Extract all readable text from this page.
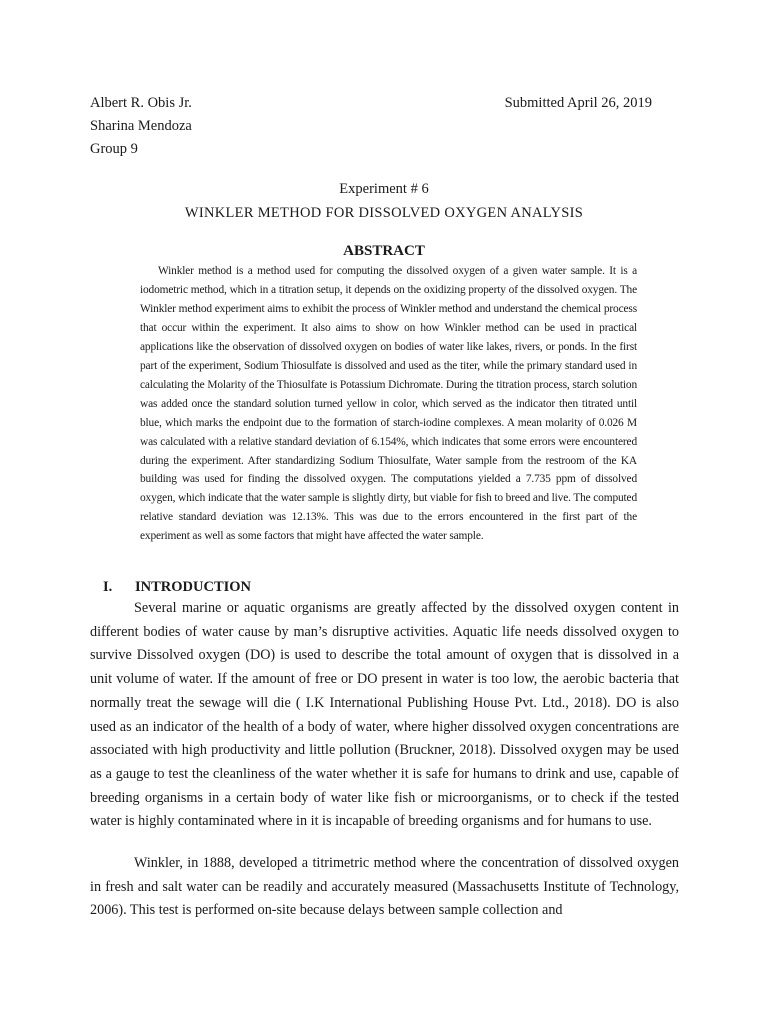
Albert R. Obis Jr.
Sharina Mendoza
Group 9
Submitted April 26, 2019
Experiment # 6
WINKLER METHOD FOR DISSOLVED OXYGEN ANALYSIS
ABSTRACT
Winkler method is a method used for computing the dissolved oxygen of a given water sample. It is a iodometric method, which in a titration setup, it depends on the oxidizing property of the dissolved oxygen. The Winkler method experiment aims to exhibit the process of Winkler method and understand the chemical process that occur within the experiment. It also aims to show on how Winkler method can be used in practical applications like the observation of dissolved oxygen on bodies of water like lakes, rivers, or ponds. In the first part of the experiment, Sodium Thiosulfate is dissolved and used as the titer, while the primary standard used in calculating the Molarity of the Thiosulfate is Potassium Dichromate. During the titration process, starch solution was added once the standard solution turned yellow in color, which served as the indicator then titrated until blue, which marks the endpoint due to the formation of starch-iodine complexes. A mean molarity of 0.026 M was calculated with a relative standard deviation of 6.154%, which indicates that some errors were encountered during the experiment. After standardizing Sodium Thiosulfate, Water sample from the restroom of the KA building was used for finding the dissolved oxygen. The computations yielded a 7.735 ppm of dissolved oxygen, which indicate that the water sample is slightly dirty, but viable for fish to breed and live. The computed relative standard deviation was 12.13%. This was due to the errors encountered in the first part of the experiment as well as some factors that might have affected the water sample.
I. INTRODUCTION
Several marine or aquatic organisms are greatly affected by the dissolved oxygen content in different bodies of water cause by man’s disruptive activities. Aquatic life needs dissolved oxygen to survive Dissolved oxygen (DO) is used to describe the total amount of oxygen that is dissolved in a unit volume of water. If the amount of free or DO present in water is too low, the aerobic bacteria that normally treat the sewage will die ( I.K International Publishing House Pvt. Ltd., 2018). DO is also used as an indicator of the health of a body of water, where higher dissolved oxygen concentrations are associated with high productivity and little pollution (Bruckner, 2018). Dissolved oxygen may be used as a gauge to test the cleanliness of the water whether it is safe for humans to drink and use, capable of breeding organisms in a certain body of water like fish or microorganisms, or to check if the tested water is highly contaminated where in it is incapable of breeding organisms and for humans to use.
Winkler, in 1888, developed a titrimetric method where the concentration of dissolved oxygen in fresh and salt water can be readily and accurately measured (Massachusetts Institute of Technology, 2006). This test is performed on-site because delays between sample collection and
